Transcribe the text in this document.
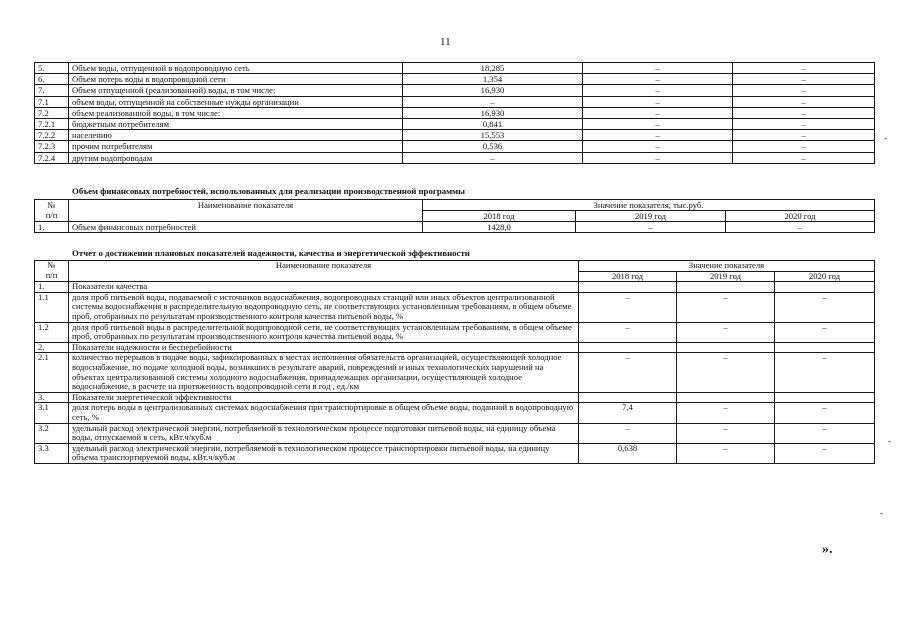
11
5.	Объем воды, отпущенной в водопроводную сеть	18,285	–	–
6.	Объем потерь воды в водопроводной сети	1,354	–	–
7.	Объем отпущенной (реализованной) воды, в том числе:	16,930	–	–
7.1	объем воды, отпущенной на собственные нужды организации	–	–	–
7.2	объем реализованной воды, в том числе:	16,930	–	–
7.2.1	бюджетным потребителям	0,841	–	–
7.2.2	населению	15,553	–	–
7.2.3	прочим потребителям	0,536	–	–
7.2.4	другим водопроводам	–	–	–
Объем финансовых потребностей, использованных для реализации производственной программы
№
п/п	Наименование показателя	Значение показателя, тыс.руб.		
		2018 год	2019 год	2020 год
1.	Объем финансовых потребностей	1428,0	–	–
Отчет о достижении плановых показателей надежности, качества и энергетической эффективности
№
п/п	Наименование показателя	Значение показателя		
		2018 год	2019 год	2020 год
1.	Показатели качества			
1.1	доля проб питьевой воды, подаваемой с источников водоснабжения, водопроводных станций или иных объектов централизованной системы водоснабжения в распределительную водопроводную сеть, не соответствующих установленным требованиям, в общем объеме проб, отобранных по результатам производственного контроля качества питьевой воды, %	–	–	–
1.2	доля проб питьевой воды в распределительной водопроводной сети, не соответствующих установленным требованиям, в общем объеме проб, отобранных по результатам производственного контроля качества питьевой воды, %	–	–	–
2.	Показатели надежности и бесперебойности			
2.1	количество перерывов в подаче воды, зафиксированных в местах исполнения обязательств организацией, осуществляющей холодное водоснабжение, по подаче холодной воды, возникших в результате аварий, повреждений и иных технологических нарушений на объектах централизованной системы холодного водоснабжения, принадлежащих организации, осуществляющей холодное водоснабжение, в расчете на протяженность водопроводной сети в год , ед./км	–	–	–
3.	Показатели энергетической эффективности			
3.1	доля потерь воды в централизованных системах водоснабжения при транспортировке в общем объеме воды, поданной в водопроводную сеть, %	7,4	–	–
3.2	удельный расход электрической энергии, потребляемой в технологическом процессе подготовки питьевой воды, на единицу объема воды, отпускаемой в сеть, кВт.ч/куб.м	–	–	–
3.3	удельный расход электрической энергии, потребляемой в технологическом процессе транспортировки питьевой воды, на единицу объема транспортируемой воды, кВт.ч/куб.м	0,638	–	–
».
-
-
-
